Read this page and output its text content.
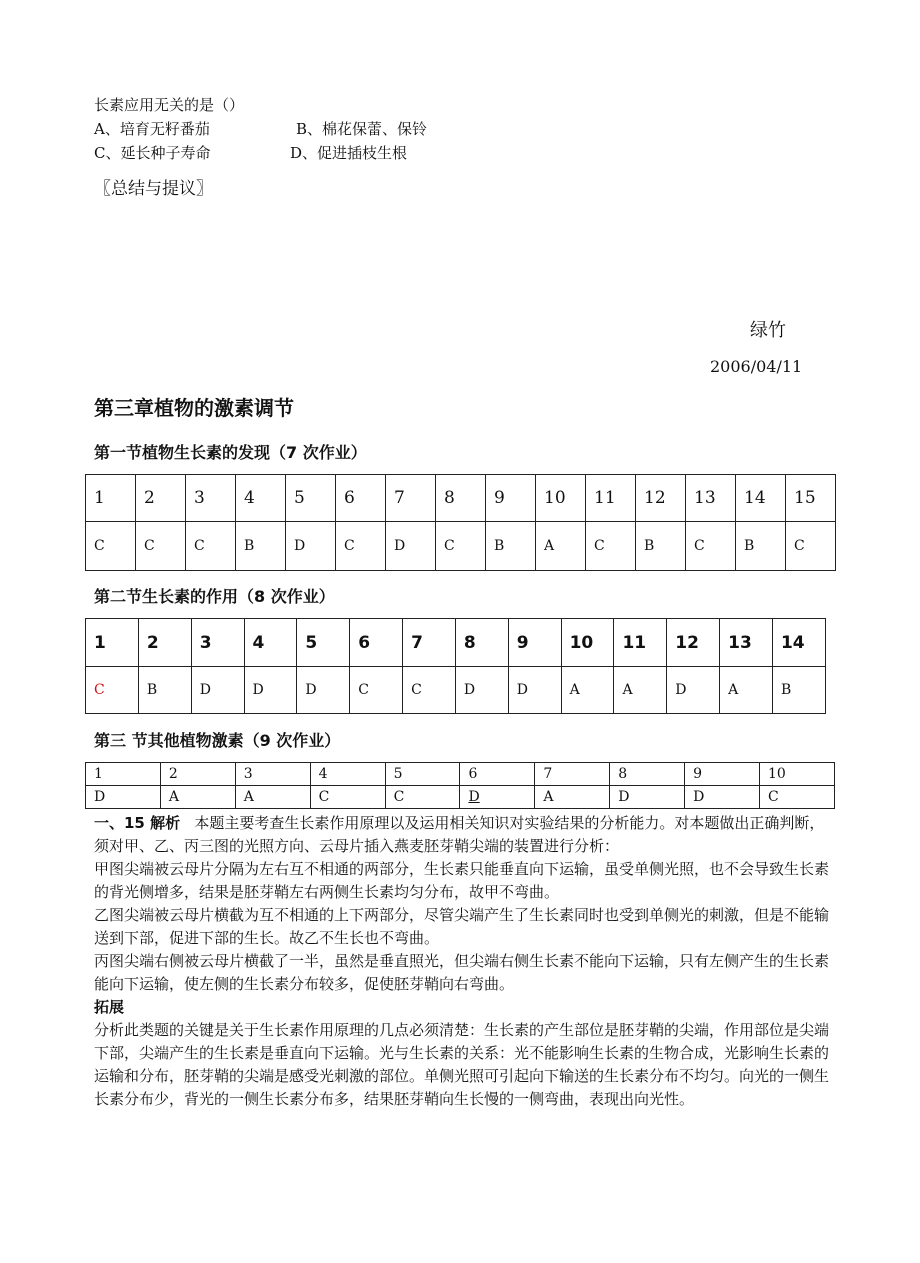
长素应用无关的是（）
A、培育无籽番茄	B、棉花保蕾、保铃
C、延长种子寿命	D、促进插枝生根
〖总结与提议〗
绿竹
2006/04/11
第三章植物的激素调节
第一节植物生长素的发现（7 次作业）
1	2	3	4	5	6	7	8	9	10	11	12	13	14	15
C	C	C	B	D	C	D	C	B	A	C	B	C	B	C
第二节生长素的作用（8 次作业）
1	2	3	4	5	6	7	8	9	10	11	12	13	14
C	B	D	D	D	C	C	D	D	A	A	D	A	B
第三 节其他植物激素（9 次作业）
1	2	3	4	5	6	7	8	9	10
D	A	A	C	C	D	A	D	D	C
一、15 解析 本题主要考查生长素作用原理以及运用相关知识对实验结果的分析能力。对本题做出正确判断，须对甲、乙、丙三图的光照方向、云母片插入燕麦胚芽鞘尖端的装置进行分析：
甲图尖端被云母片分隔为左右互不相通的两部分，生长素只能垂直向下运输，虽受单侧光照，也不会导致生长素的背光侧增多，结果是胚芽鞘左右两侧生长素均匀分布，故甲不弯曲。
乙图尖端被云母片横截为互不相通的上下两部分，尽管尖端产生了生长素同时也受到单侧光的刺激，但是不能输送到下部，促进下部的生长。故乙不生长也不弯曲。
丙图尖端右侧被云母片横截了一半，虽然是垂直照光，但尖端右侧生长素不能向下运输，只有左侧产生的生长素能向下运输，使左侧的生长素分布较多，促使胚芽鞘向右弯曲。
拓展
分析此类题的关键是关于生长素作用原理的几点必须清楚：生长素的产生部位是胚芽鞘的尖端，作用部位是尖端下部，尖端产生的生长素是垂直向下运输。光与生长素的关系：光不能影响生长素的生物合成，光影响生长素的运输和分布，胚芽鞘的尖端是感受光刺激的部位。单侧光照可引起向下输送的生长素分布不均匀。向光的一侧生长素分布少，背光的一侧生长素分布多，结果胚芽鞘向生长慢的一侧弯曲，表现出向光性。
